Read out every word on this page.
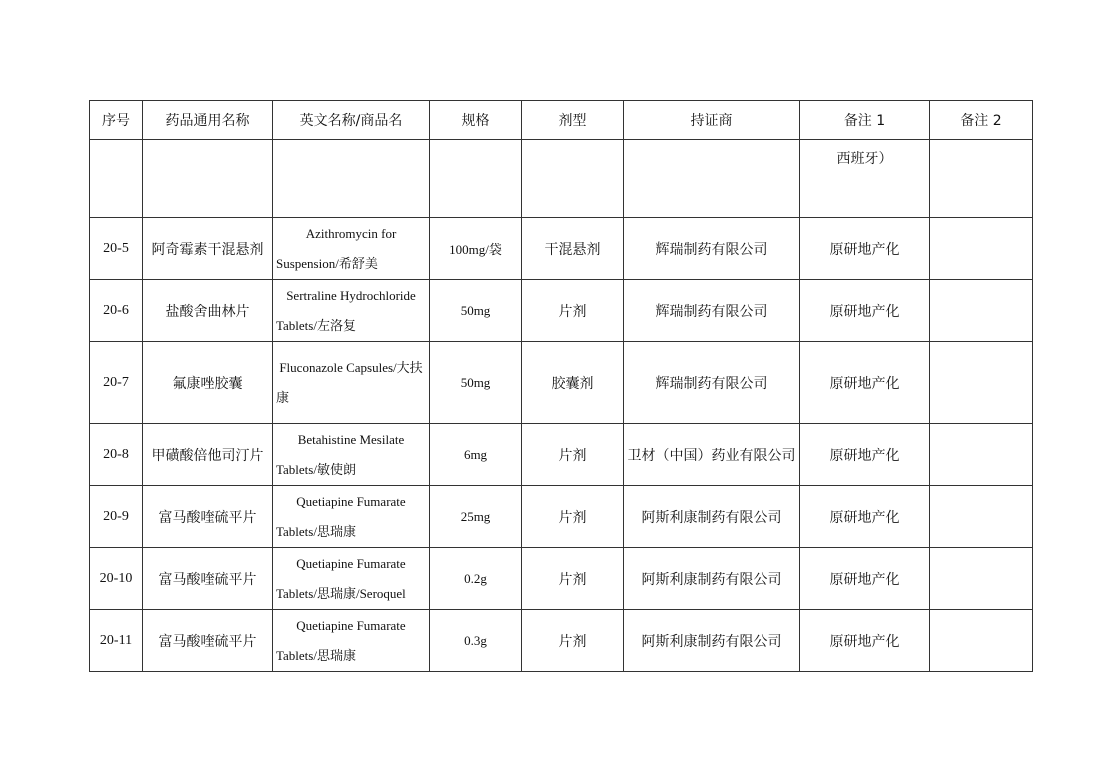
序号	药品通用名称	英文名称/商品名	规格	剂型	持证商	备注 1	备注 2
						西班牙）	
20-5	阿奇霉素干混悬剂	Azithromycin for Suspension/希舒美	100mg/袋	干混悬剂	辉瑞制药有限公司	原研地产化	
20-6	盐酸舍曲林片	Sertraline Hydrochloride Tablets/左洛复	50mg	片剂	辉瑞制药有限公司	原研地产化	
20-7	氟康唑胶囊	Fluconazole Capsules/大扶康	50mg	胶囊剂	辉瑞制药有限公司	原研地产化	
20-8	甲磺酸倍他司汀片	Betahistine Mesilate Tablets/敏使朗	6mg	片剂	卫材（中国）药业有限公司	原研地产化	
20-9	富马酸喹硫平片	Quetiapine Fumarate Tablets/思瑞康	25mg	片剂	阿斯利康制药有限公司	原研地产化	
20-10	富马酸喹硫平片	Quetiapine Fumarate Tablets/思瑞康/Seroquel	0.2g	片剂	阿斯利康制药有限公司	原研地产化	
20-11	富马酸喹硫平片	Quetiapine Fumarate Tablets/思瑞康	0.3g	片剂	阿斯利康制药有限公司	原研地产化	
